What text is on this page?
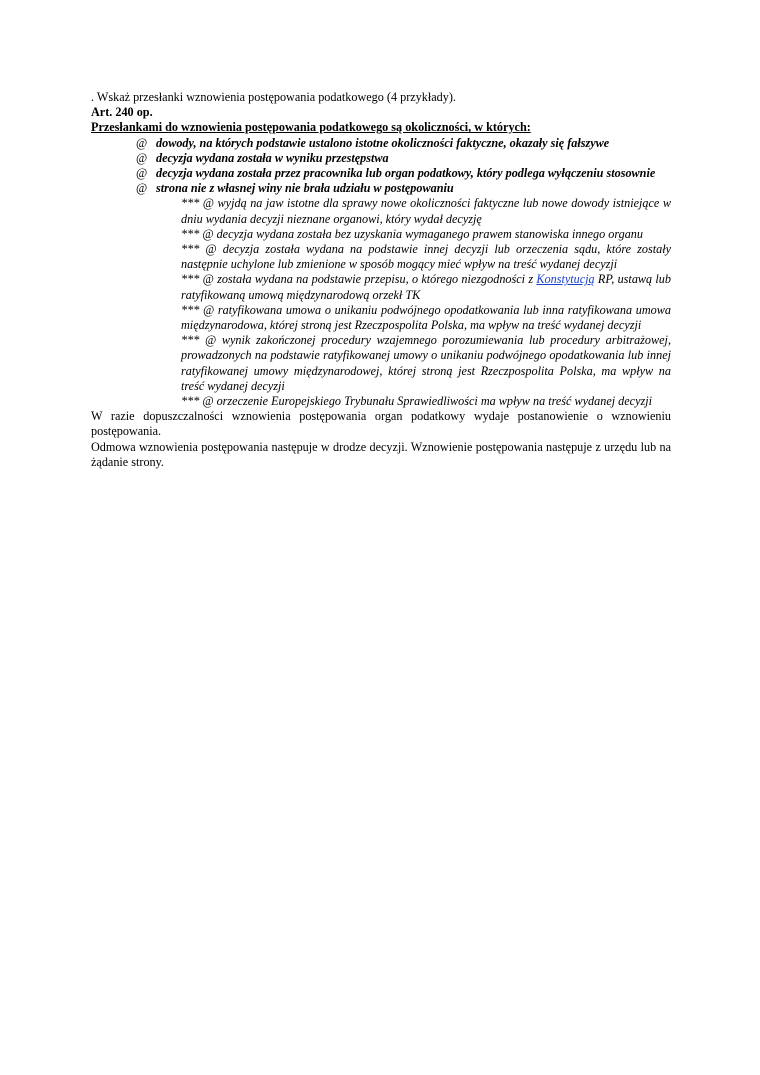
. Wskaż przesłanki wznowienia postępowania podatkowego (4 przykłady).

Art. 240 op.

Przesłankami do wznowienia postępowania podatkowego są okoliczności, w których:

@ dowody, na których podstawie ustalono istotne okoliczności faktyczne, okazały się fałszywe
@ decyzja wydana została w wyniku przestępstwa
@ decyzja wydana została przez pracownika lub organ podatkowy, który podlega wyłączeniu stosownie
@ strona nie z własnej winy nie brała udziału w postępowaniu

*** @ wyjdą na jaw istotne dla sprawy nowe okoliczności faktyczne lub nowe dowody istniejące w dniu wydania decyzji nieznane organowi, który wydał decyzję

*** @ decyzja wydana została bez uzyskania wymaganego prawem stanowiska innego organu

*** @ decyzja została wydana na podstawie innej decyzji lub orzeczenia sądu, które zostały następnie uchylone lub zmienione w sposób mogący mieć wpływ na treść wydanej decyzji

*** @ została wydana na podstawie przepisu, o którego niezgodności z Konstytucją RP, ustawą lub ratyfikowaną umową międzynarodową orzekł TK

*** @ ratyfikowana umowa o unikaniu podwójnego opodatkowania lub inna ratyfikowana umowa międzynarodowa, której stroną jest Rzeczpospolita Polska, ma wpływ na treść wydanej decyzji

*** @ wynik zakończonej procedury wzajemnego porozumiewania lub procedury arbitrażowej, prowadzonych na podstawie ratyfikowanej umowy o unikaniu podwójnego opodatkowania lub innej ratyfikowanej umowy międzynarodowej, której stroną jest Rzeczpospolita Polska, ma wpływ na treść wydanej decyzji

*** @ orzeczenie Europejskiego Trybunału Sprawiedliwości ma wpływ na treść wydanej decyzji

W razie dopuszczalności wznowienia postępowania organ podatkowy wydaje postanowienie o wznowieniu postępowania.

Odmowa wznowienia postępowania następuje w drodze decyzji. Wznowienie postępowania następuje z urzędu lub na żądanie strony.
